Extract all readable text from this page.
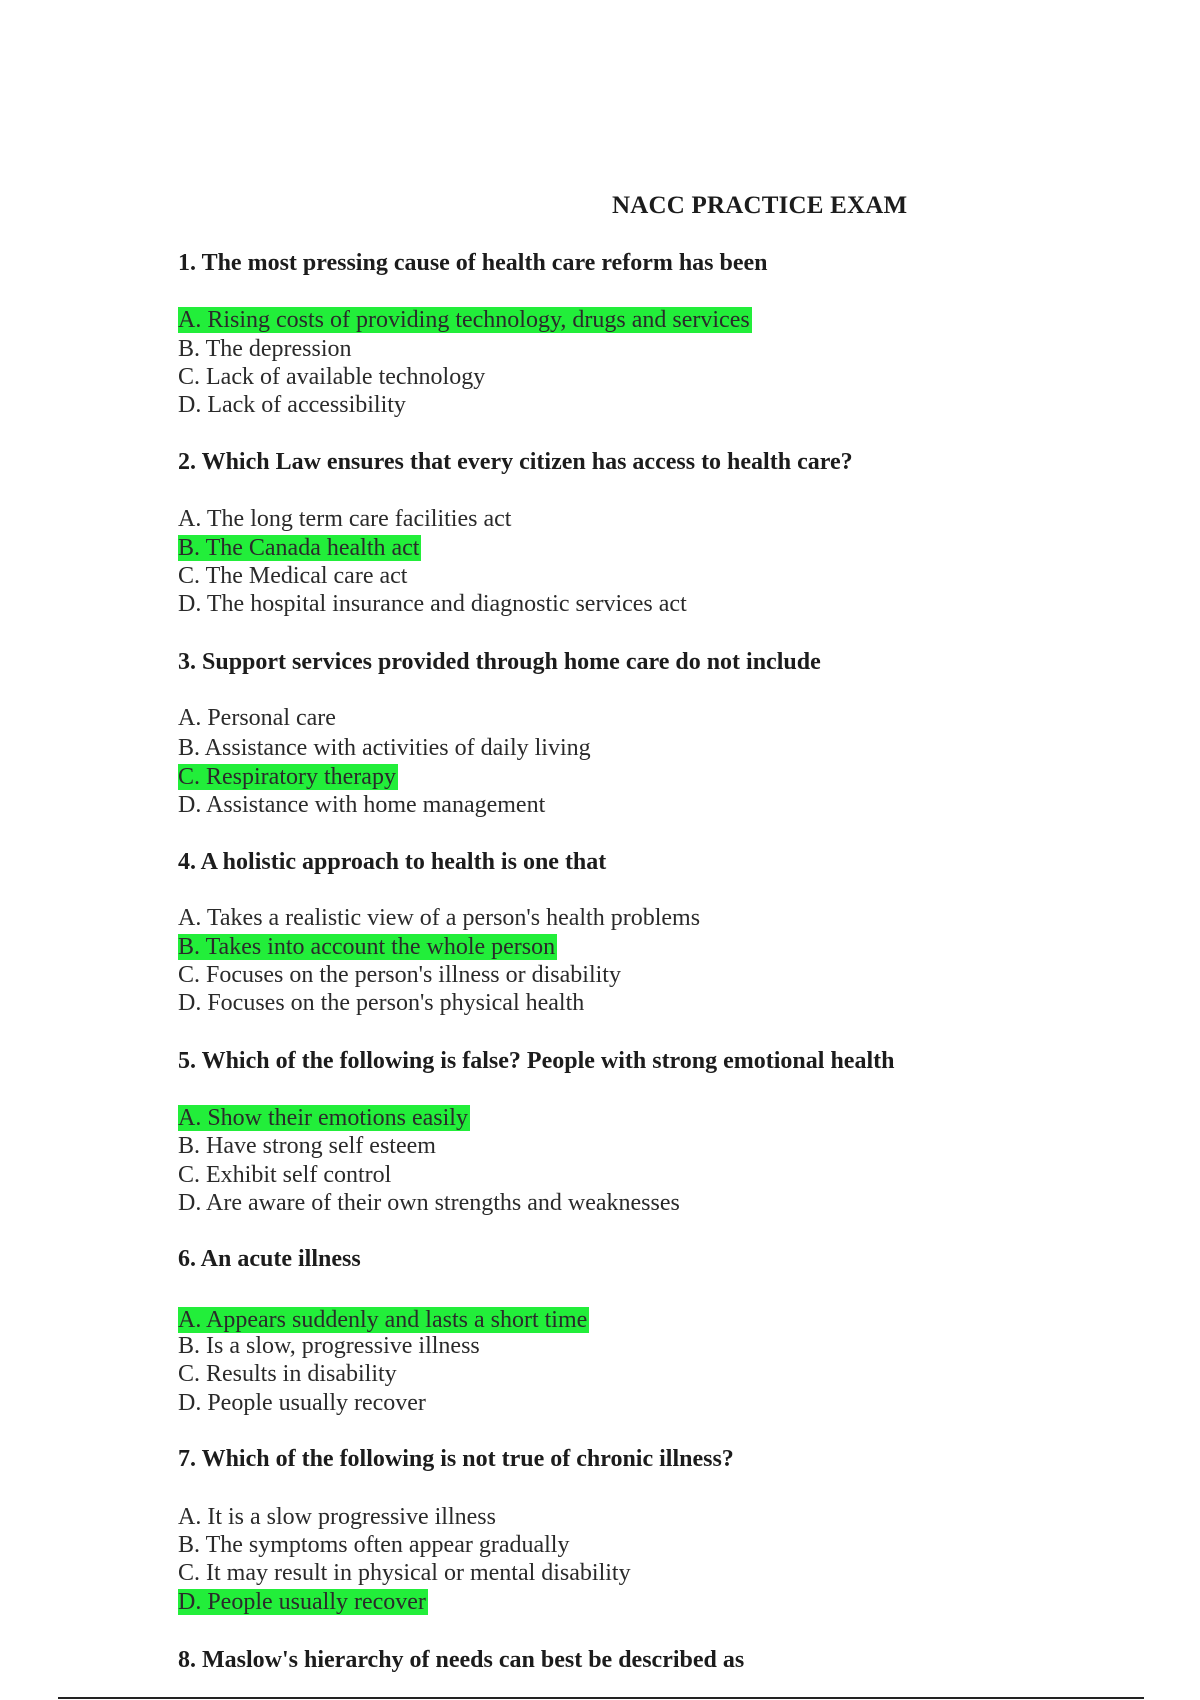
NACC PRACTICE EXAM
1. The most pressing cause of health care reform has been
A. Rising costs of providing technology, drugs and services
B. The depression
C. Lack of available technology
D. Lack of accessibility
2. Which Law ensures that every citizen has access to health care?
A. The long term care facilities act
B. The Canada health act
C. The Medical care act
D. The hospital insurance and diagnostic services act
3. Support services provided through home care do not include
A. Personal care
B. Assistance with activities of daily living
C. Respiratory therapy
D. Assistance with home management
4. A holistic approach to health is one that
A. Takes a realistic view of a person's health problems
B. Takes into account the whole person
C. Focuses on the person's illness or disability
D. Focuses on the person's physical health
5. Which of the following is false? People with strong emotional health
A. Show their emotions easily
B. Have strong self esteem
C. Exhibit self control
D. Are aware of their own strengths and weaknesses
6. An acute illness
A. Appears suddenly and lasts a short time
B. Is a slow, progressive illness
C. Results in disability
D. People usually recover
7. Which of the following is not true of chronic illness?
A. It is a slow progressive illness
B. The symptoms often appear gradually
C. It may result in physical or mental disability
D. People usually recover
8. Maslow's hierarchy of needs can best be described as
